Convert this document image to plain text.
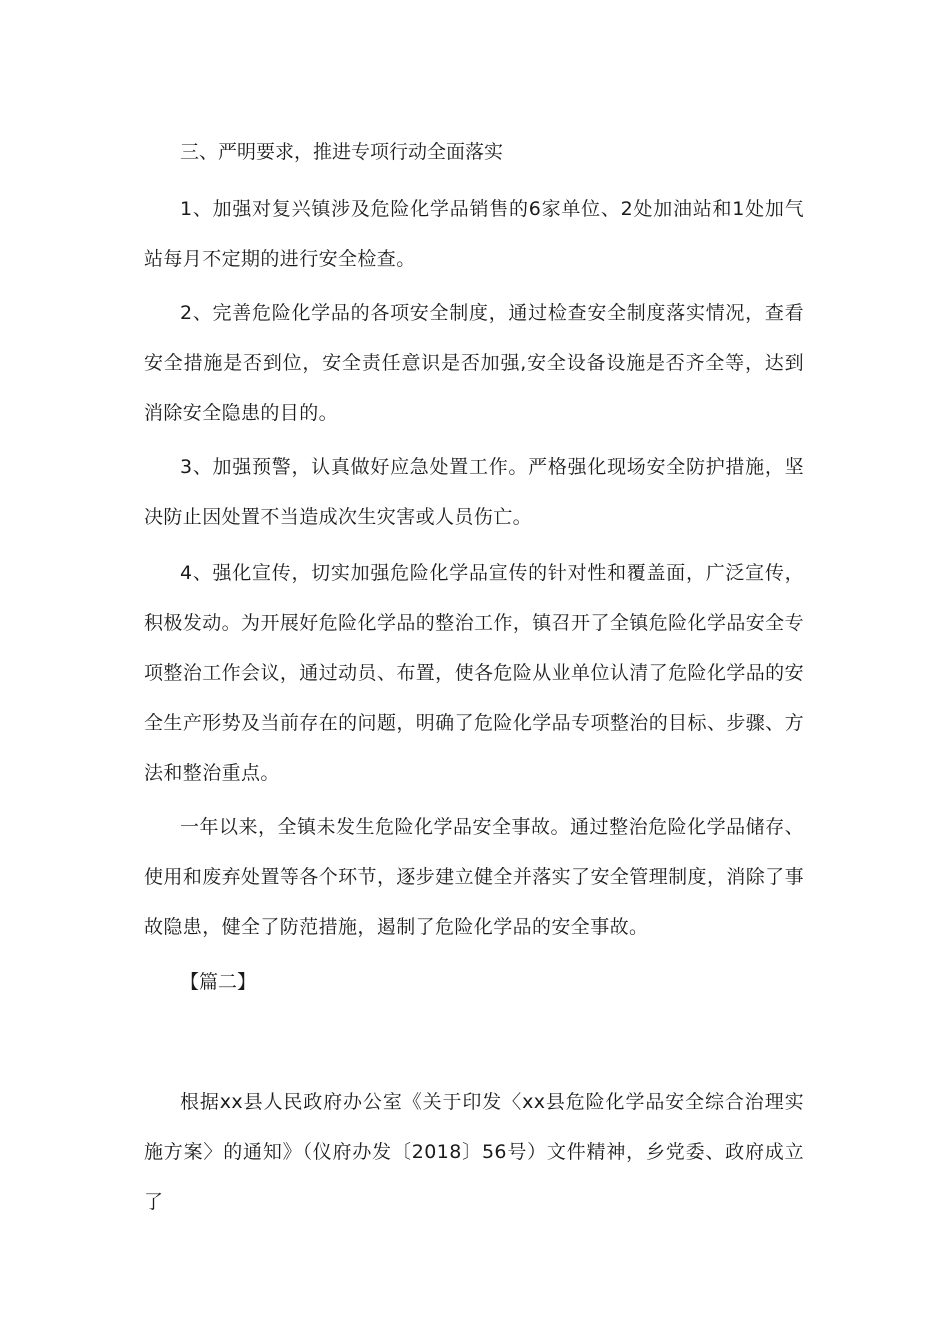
三、严明要求，推进专项行动全面落实

1、加强对复兴镇涉及危险化学品销售的6家单位、2处加油站和1处加气站每月不定期的进行安全检查。

2、完善危险化学品的各项安全制度，通过检查安全制度落实情况，查看安全措施是否到位，安全责任意识是否加强,安全设备设施是否齐全等，达到消除安全隐患的目的。

3、加强预警，认真做好应急处置工作。严格强化现场安全防护措施，坚决防止因处置不当造成次生灾害或人员伤亡。

4、强化宣传，切实加强危险化学品宣传的针对性和覆盖面，广泛宣传，积极发动。为开展好危险化学品的整治工作，镇召开了全镇危险化学品安全专项整治工作会议，通过动员、布置，使各危险从业单位认清了危险化学品的安全生产形势及当前存在的问题，明确了危险化学品专项整治的目标、步骤、方法和整治重点。

一年以来，全镇未发生危险化学品安全事故。通过整治危险化学品储存、使用和废弃处置等各个环节，逐步建立健全并落实了安全管理制度，消除了事故隐患，健全了防范措施，遏制了危险化学品的安全事故。

【篇二】

根据xx县人民政府办公室《关于印发〈xx县危险化学品安全综合治理实施方案〉的通知》（仪府办发〔2018〕56号）文件精神，乡党委、政府成立了
